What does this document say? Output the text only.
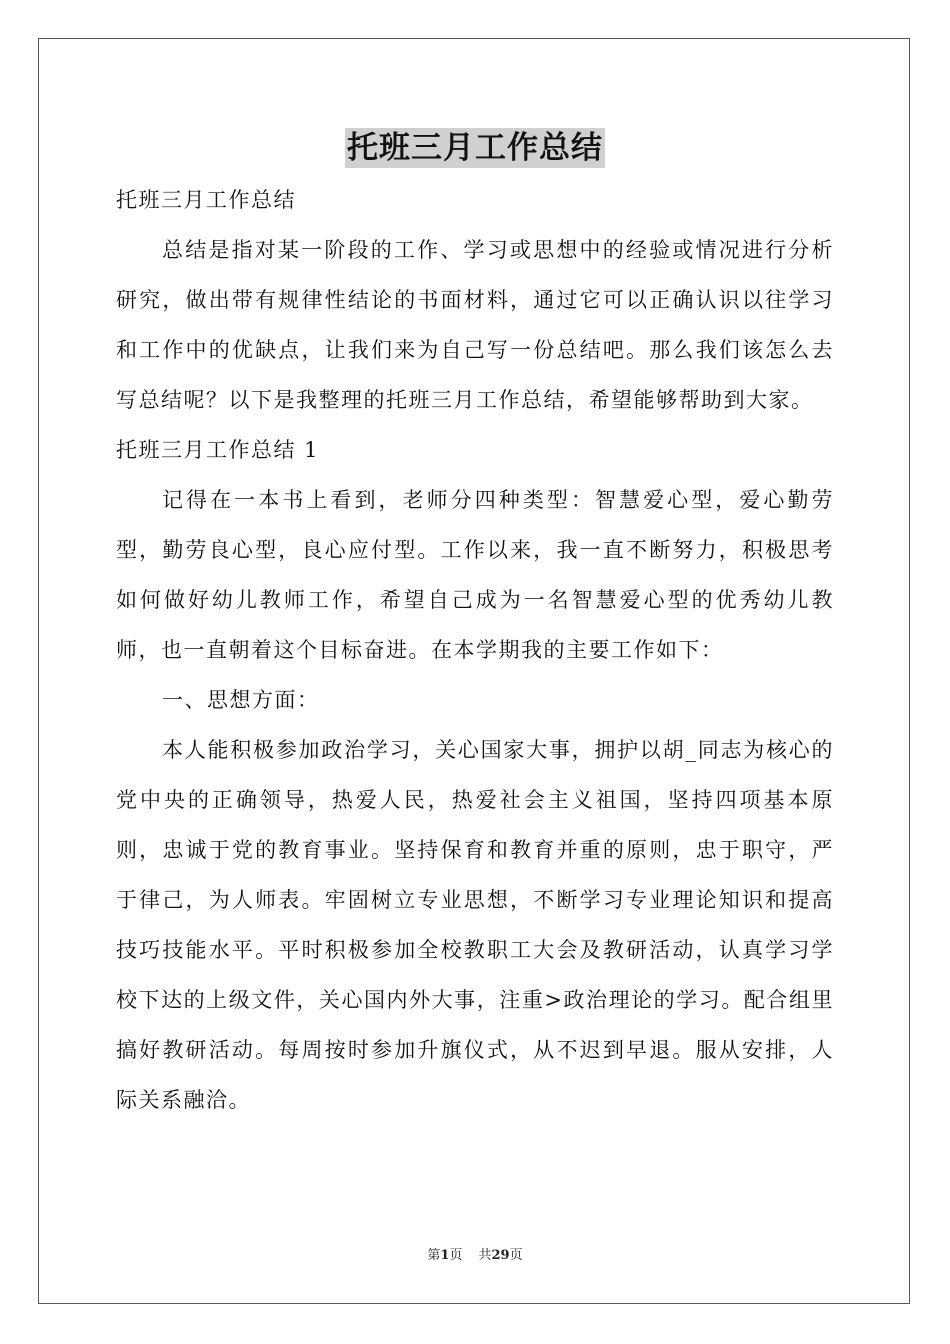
托班三月工作总结

托班三月工作总结

总结是指对某一阶段的工作、学习或思想中的经验或情况进行分析研究，做出带有规律性结论的书面材料，通过它可以正确认识以往学习和工作中的优缺点，让我们来为自己写一份总结吧。那么我们该怎么去写总结呢？以下是我整理的托班三月工作总结，希望能够帮助到大家。

托班三月工作总结 1

记得在一本书上看到，老师分四种类型：智慧爱心型，爱心勤劳型，勤劳良心型，良心应付型。工作以来，我一直不断努力，积极思考如何做好幼儿教师工作，希望自己成为一名智慧爱心型的优秀幼儿教师，也一直朝着这个目标奋进。在本学期我的主要工作如下：

一、思想方面：

本人能积极参加政治学习，关心国家大事，拥护以胡_同志为核心的党中央的正确领导，热爱人民，热爱社会主义祖国，坚持四项基本原则，忠诚于党的教育事业。坚持保育和教育并重的原则，忠于职守，严于律己，为人师表。牢固树立专业思想，不断学习专业理论知识和提高技巧技能水平。平时积极参加全校教职工大会及教研活动，认真学习学校下达的上级文件，关心国内外大事，注重>政治理论的学习。配合组里搞好教研活动。每周按时参加升旗仪式，从不迟到早退。服从安排，人际关系融洽。

第1页 共29页
